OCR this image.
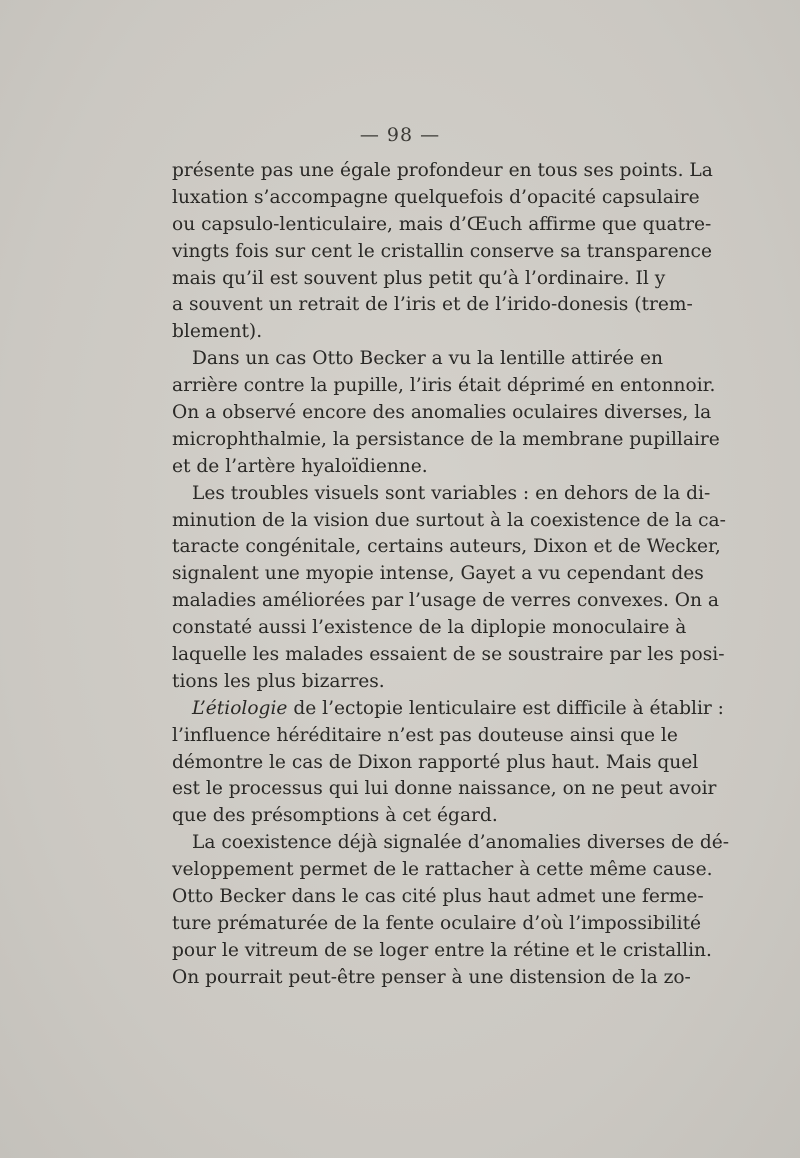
— 98 —
présente pas une égale profondeur en tous ses points. La
luxation s’accompagne quelquefois d’opacité capsulaire
ou capsulo-lenticulaire, mais d’Œuch affirme que quatre-
vingts fois sur cent le cristallin conserve sa transparence
mais qu’il est souvent plus petit qu’à l’ordinaire. Il y
a souvent un retrait de l’iris et de l’irido-donesis (trem-
blement).
Dans un cas Otto Becker a vu la lentille attirée en
arrière contre la pupille, l’iris était déprimé en entonnoir.
On a observé encore des anomalies oculaires diverses, la
microphthalmie, la persistance de la membrane pupillaire
et de l’artère hyaloïdienne.
Les troubles visuels sont variables : en dehors de la di-
minution de la vision due surtout à la coexistence de la ca-
taracte congénitale, certains auteurs, Dixon et de Wecker,
signalent une myopie intense, Gayet a vu cependant des
maladies améliorées par l’usage de verres convexes. On a
constaté aussi l’existence de la diplopie monoculaire à
laquelle les malades essaient de se soustraire par les posi-
tions les plus bizarres.
L’étiologie de l’ectopie lenticulaire est difficile à établir :
l’influence héréditaire n’est pas douteuse ainsi que le
démontre le cas de Dixon rapporté plus haut. Mais quel
est le processus qui lui donne naissance, on ne peut avoir
que des présomptions à cet égard.
La coexistence déjà signalée d’anomalies diverses de dé-
veloppement permet de le rattacher à cette même cause.
Otto Becker dans le cas cité plus haut admet une ferme-
ture prématurée de la fente oculaire d’où l’impossibilité
pour le vitreum de se loger entre la rétine et le cristallin.
On pourrait peut-être penser à une distension de la zo-
